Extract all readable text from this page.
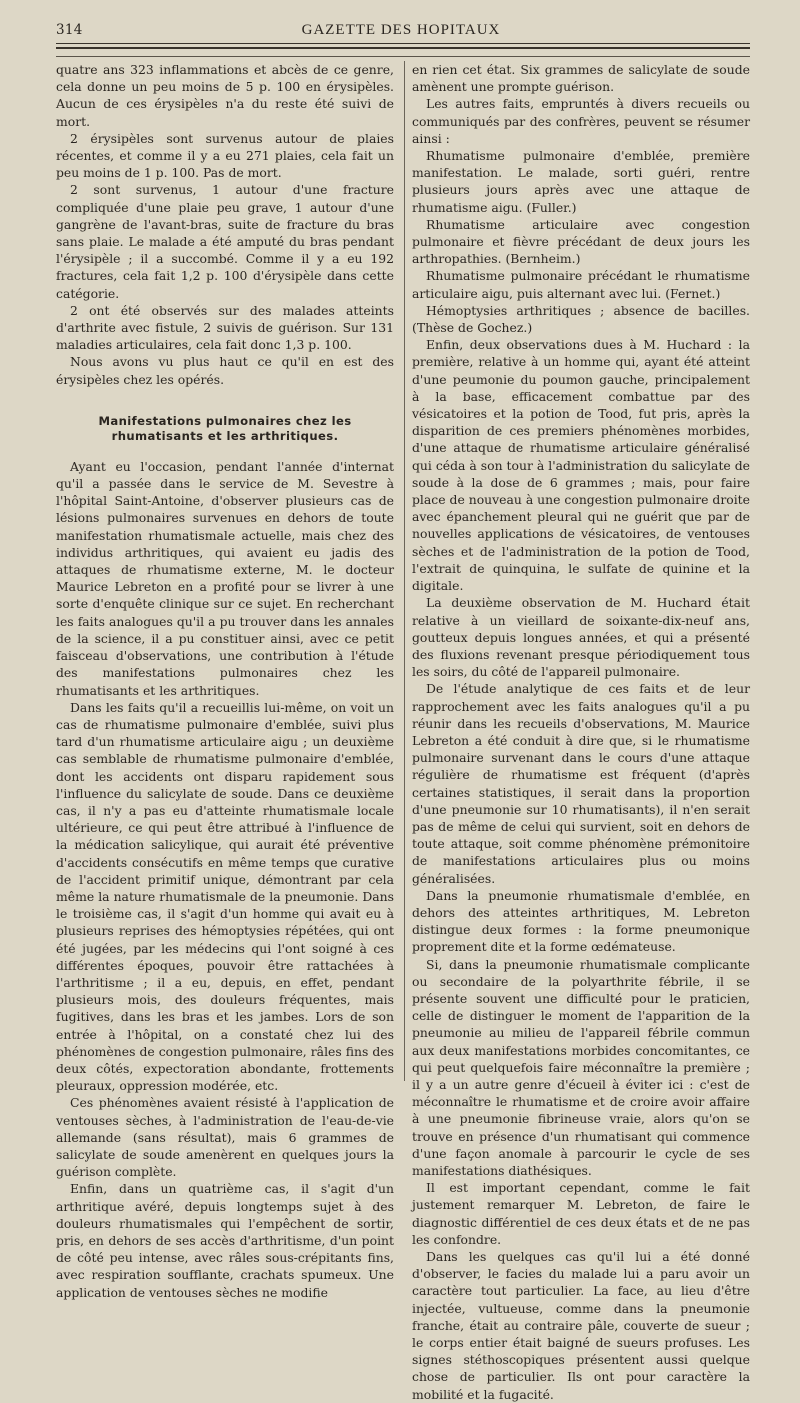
314	GAZETTE DES HOPITAUX

quatre ans 323 inflammations et abcès de ce genre, cela donne un peu moins de 5 p. 100 en érysipèles. Aucun de ces érysipèles n'a du reste été suivi de mort.

2 érysipèles sont survenus autour de plaies récentes, et comme il y a eu 271 plaies, cela fait un peu moins de 1 p. 100. Pas de mort.

2 sont survenus, 1 autour d'une fracture compliquée d'une plaie peu grave, 1 autour d'une gangrène de l'avant-bras, suite de fracture du bras sans plaie. Le malade a été amputé du bras pendant l'érysipèle ; il a succombé. Comme il y a eu 192 fractures, cela fait 1,2 p. 100 d'érysipèle dans cette catégorie.

2 ont été observés sur des malades atteints d'arthrite avec fistule, 2 suivis de guérison. Sur 131 maladies articulaires, cela fait donc 1,3 p. 100.

Nous avons vu plus haut ce qu'il en est des érysipèles chez les opérés.

Manifestations pulmonaires chez les rhumatisants et les arthritiques.

Ayant eu l'occasion, pendant l'année d'internat qu'il a passée dans le service de M. Sevestre à l'hôpital Saint-Antoine, d'observer plusieurs cas de lésions pulmonaires survenues en dehors de toute manifestation rhumatismale actuelle, mais chez des individus arthritiques, qui avaient eu jadis des attaques de rhumatisme externe, M. le docteur Maurice Lebreton en a profité pour se livrer à une sorte d'enquête clinique sur ce sujet. En recherchant les faits analogues qu'il a pu trouver dans les annales de la science, il a pu constituer ainsi, avec ce petit faisceau d'observations, une contribution à l'étude des manifestations pulmonaires chez les rhumatisants et les arthritiques.

Dans les faits qu'il a recueillis lui-même, on voit un cas de rhumatisme pulmonaire d'emblée, suivi plus tard d'un rhumatisme articulaire aigu ; un deuxième cas semblable de rhumatisme pulmonaire d'emblée, dont les accidents ont disparu rapidement sous l'influence du salicylate de soude. Dans ce deuxième cas, il n'y a pas eu d'atteinte rhumatismale locale ultérieure, ce qui peut être attribué à l'influence de la médication salicylique, qui aurait été préventive d'accidents consécutifs en même temps que curative de l'accident primitif unique, démontrant par cela même la nature rhumatismale de la pneumonie. Dans le troisième cas, il s'agit d'un homme qui avait eu à plusieurs reprises des hémoptysies répétées, qui ont été jugées, par les médecins qui l'ont soigné à ces différentes époques, pouvoir être rattachées à l'arthritisme ; il a eu, depuis, en effet, pendant plusieurs mois, des douleurs fréquentes, mais fugitives, dans les bras et les jambes. Lors de son entrée à l'hôpital, on a constaté chez lui des phénomènes de congestion pulmonaire, râles fins des deux côtés, expectoration abondante, frottements pleuraux, oppression modérée, etc.

Ces phénomènes avaient résisté à l'application de ventouses sèches, à l'administration de l'eau-de-vie allemande (sans résultat), mais 6 grammes de salicylate de soude amenèrent en quelques jours la guérison complète.

Enfin, dans un quatrième cas, il s'agit d'un arthritique avéré, depuis longtemps sujet à des douleurs rhumatismales qui l'empêchent de sortir, pris, en dehors de ses accès d'arthritisme, d'un point de côté peu intense, avec râles sous-crépitants fins, avec respiration soufflante, crachats spumeux. Une application de ventouses sèches ne modifie

en rien cet état. Six grammes de salicylate de soude amènent une prompte guérison.

Les autres faits, empruntés à divers recueils ou communiqués par des confrères, peuvent se résumer ainsi :

Rhumatisme pulmonaire d'emblée, première manifestation. Le malade, sorti guéri, rentre plusieurs jours après avec une attaque de rhumatisme aigu. (Fuller.)

Rhumatisme articulaire avec congestion pulmonaire et fièvre précédant de deux jours les arthropathies. (Bernheim.)

Rhumatisme pulmonaire précédant le rhumatisme articulaire aigu, puis alternant avec lui. (Fernet.)

Hémoptysies arthritiques ; absence de bacilles. (Thèse de Gochez.)

Enfin, deux observations dues à M. Huchard : la première, relative à un homme qui, ayant été atteint d'une peumonie du poumon gauche, principalement à la base, efficacement combattue par des vésicatoires et la potion de Tood, fut pris, après la disparition de ces premiers phénomènes morbides, d'une attaque de rhumatisme articulaire généralisé qui céda à son tour à l'administration du salicylate de soude à la dose de 6 grammes ; mais, pour faire place de nouveau à une congestion pulmonaire droite avec épanchement pleural qui ne guérit que par de nouvelles applications de vésicatoires, de ventouses sèches et de l'administration de la potion de Tood, l'extrait de quinquina, le sulfate de quinine et la digitale.

La deuxième observation de M. Huchard était relative à un vieillard de soixante-dix-neuf ans, goutteux depuis longues années, et qui a présenté des fluxions revenant presque périodiquement tous les soirs, du côté de l'appareil pulmonaire.

De l'étude analytique de ces faits et de leur rapprochement avec les faits analogues qu'il a pu réunir dans les recueils d'observations, M. Maurice Lebreton a été conduit à dire que, si le rhumatisme pulmonaire survenant dans le cours d'une attaque régulière de rhumatisme est fréquent (d'après certaines statistiques, il serait dans la proportion d'une pneumonie sur 10 rhumatisants), il n'en serait pas de même de celui qui survient, soit en dehors de toute attaque, soit comme phénomène prémonitoire de manifestations articulaires plus ou moins généralisées.

Dans la pneumonie rhumatismale d'emblée, en dehors des atteintes arthritiques, M. Lebreton distingue deux formes : la forme pneumonique proprement dite et la forme œdémateuse.

Si, dans la pneumonie rhumatismale complicante ou secondaire de la polyarthrite fébrile, il se présente souvent une difficulté pour le praticien, celle de distinguer le moment de l'apparition de la pneumonie au milieu de l'appareil fébrile commun aux deux manifestations morbides concomitantes, ce qui peut quelquefois faire méconnaître la première ; il y a un autre genre d'écueil à éviter ici : c'est de méconnaître le rhumatisme et de croire avoir affaire à une pneumonie fibrineuse vraie, alors qu'on se trouve en présence d'un rhumatisant qui commence d'une façon anomale à parcourir le cycle de ses manifestations diathésiques.

Il est important cependant, comme le fait justement remarquer M. Lebreton, de faire le diagnostic différentiel de ces deux états et de ne pas les confondre.

Dans les quelques cas qu'il lui a été donné d'observer, le facies du malade lui a paru avoir un caractère tout particulier. La face, au lieu d'être injectée, vultueuse, comme dans la pneumonie franche, était au contraire pâle, couverte de sueur ; le corps entier était baigné de sueurs profuses. Les signes stéthoscopiques présentent aussi quelque chose de particulier. Ils ont pour caractère la mobilité et la fugacité.
